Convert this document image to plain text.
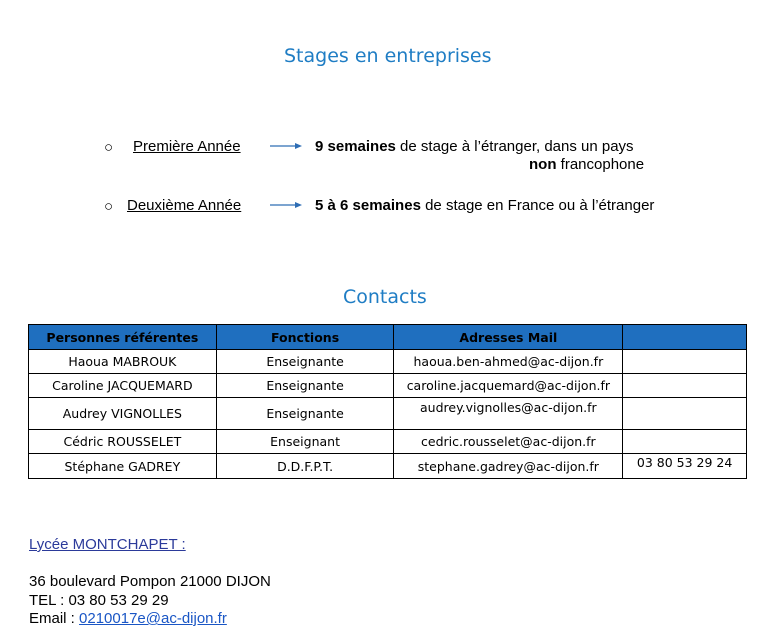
Stages en entreprises
○ Première Année	9 semaines de stage à l’étranger, dans un pays
non francophone
○ Deuxième Année	5 à 6 semaines de stage en France ou à l’étranger
Contacts
Personnes référentes	Fonctions	Adresses Mail	
Haoua MABROUK	Enseignante	haoua.ben-ahmed@ac-dijon.fr	
Caroline JACQUEMARD	Enseignante	caroline.jacquemard@ac-dijon.fr	
Audrey VIGNOLLES	Enseignante	audrey.vignolles@ac-dijon.fr	
Cédric ROUSSELET	Enseignant	cedric.rousselet@ac-dijon.fr	
Stéphane GADREY	D.D.F.P.T.	stephane.gadrey@ac-dijon.fr	03 80 53 29 24
Lycée MONTCHAPET :
36 boulevard Pompon 21000 DIJON
TEL : 03 80 53 29 29
Email : 0210017e@ac-dijon.fr
